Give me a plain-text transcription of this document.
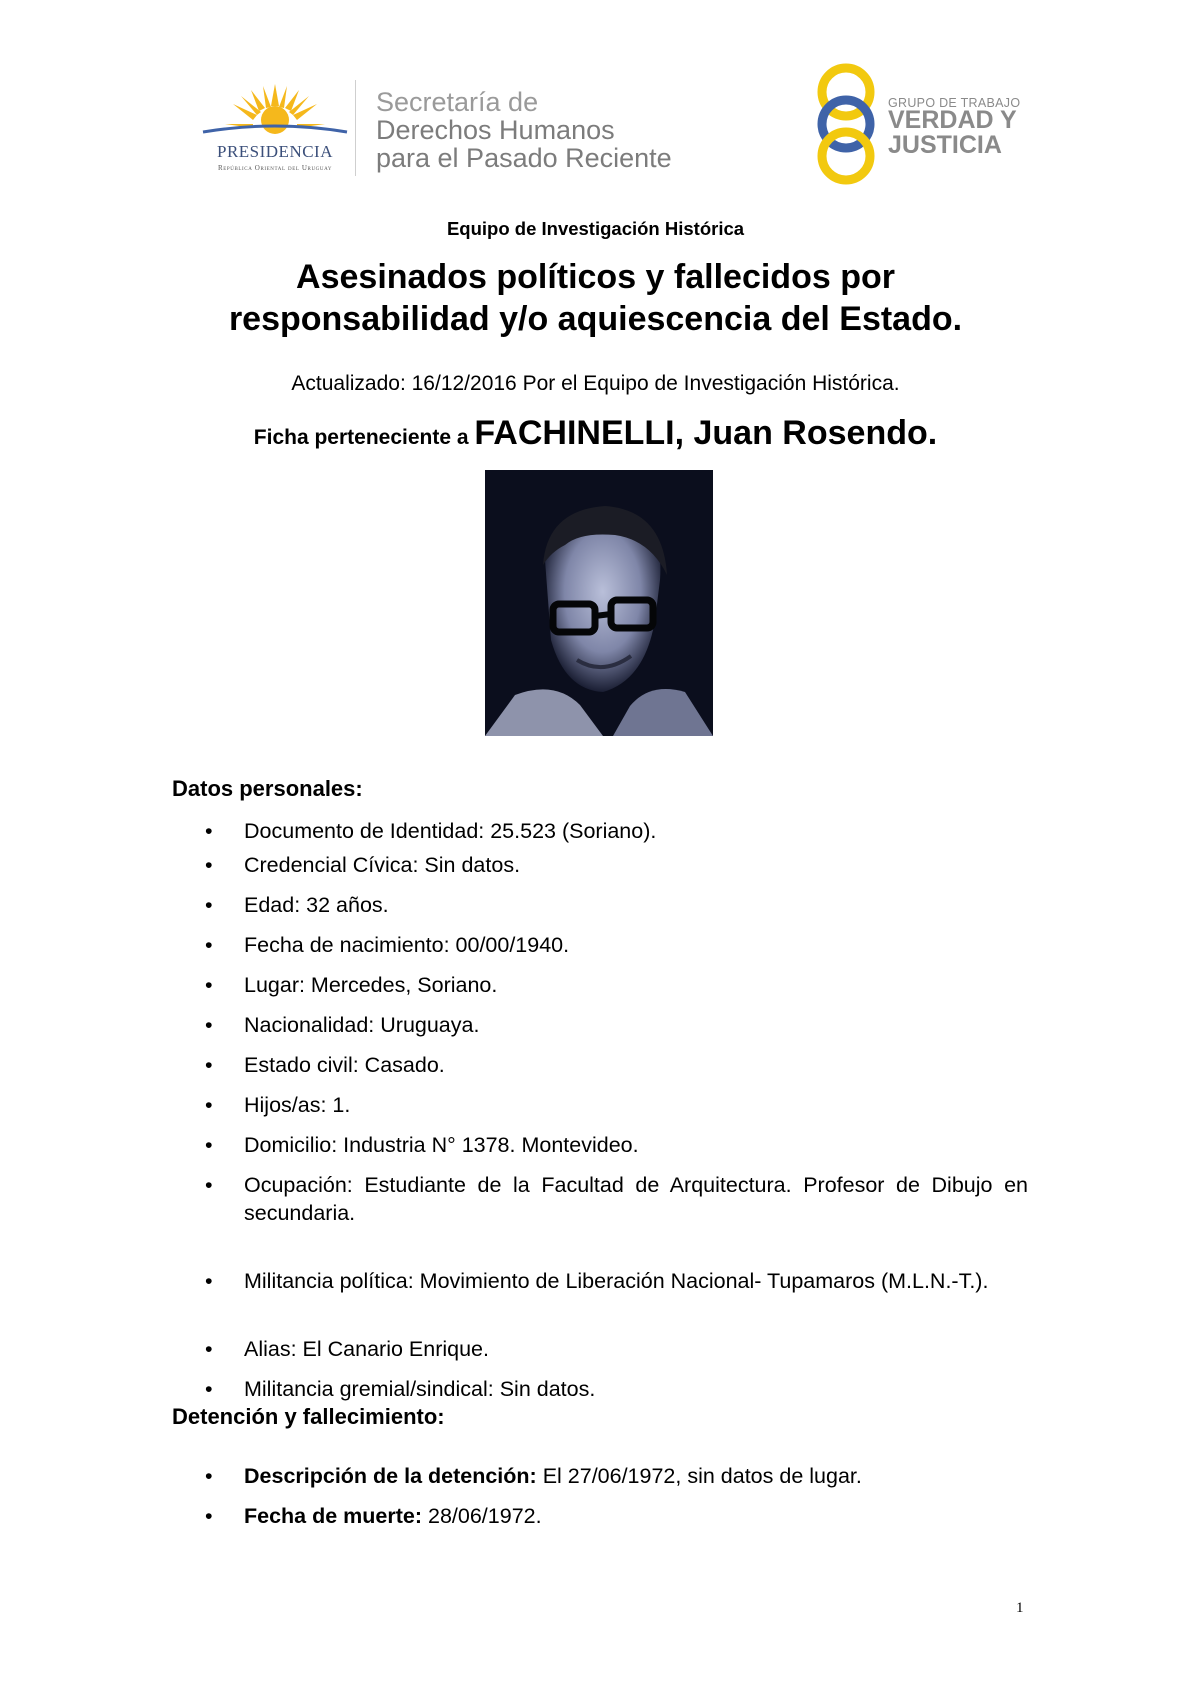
PRESIDENCIA
República Oriental del Uruguay
Secretaría de
Derechos Humanos
para el Pasado Reciente
GRUPO DE TRABAJO
VERDAD Y
JUSTICIA
Equipo de Investigación Histórica
Asesinados políticos y fallecidos por
responsabilidad y/o aquiescencia del Estado.
Actualizado: 16/12/2016 Por el Equipo de Investigación Histórica.
Ficha perteneciente a FACHINELLI, Juan Rosendo.
Datos personales:
• Documento de Identidad: 25.523 (Soriano).
• Credencial Cívica: Sin datos.
• Edad: 32 años.
• Fecha de nacimiento: 00/00/1940.
• Lugar: Mercedes, Soriano.
• Nacionalidad: Uruguaya.
• Estado civil: Casado.
• Hijos/as: 1.
• Domicilio: Industria N° 1378. Montevideo.
• Ocupación: Estudiante de la Facultad de Arquitectura. Profesor de Dibujo en secundaria.
• Militancia política: Movimiento de Liberación Nacional- Tupamaros (M.L.N.-T.).
• Alias: El Canario Enrique.
• Militancia gremial/sindical: Sin datos.
Detención y fallecimiento:
• Descripción de la detención: El 27/06/1972, sin datos de lugar.
• Fecha de muerte: 28/06/1972.
1
